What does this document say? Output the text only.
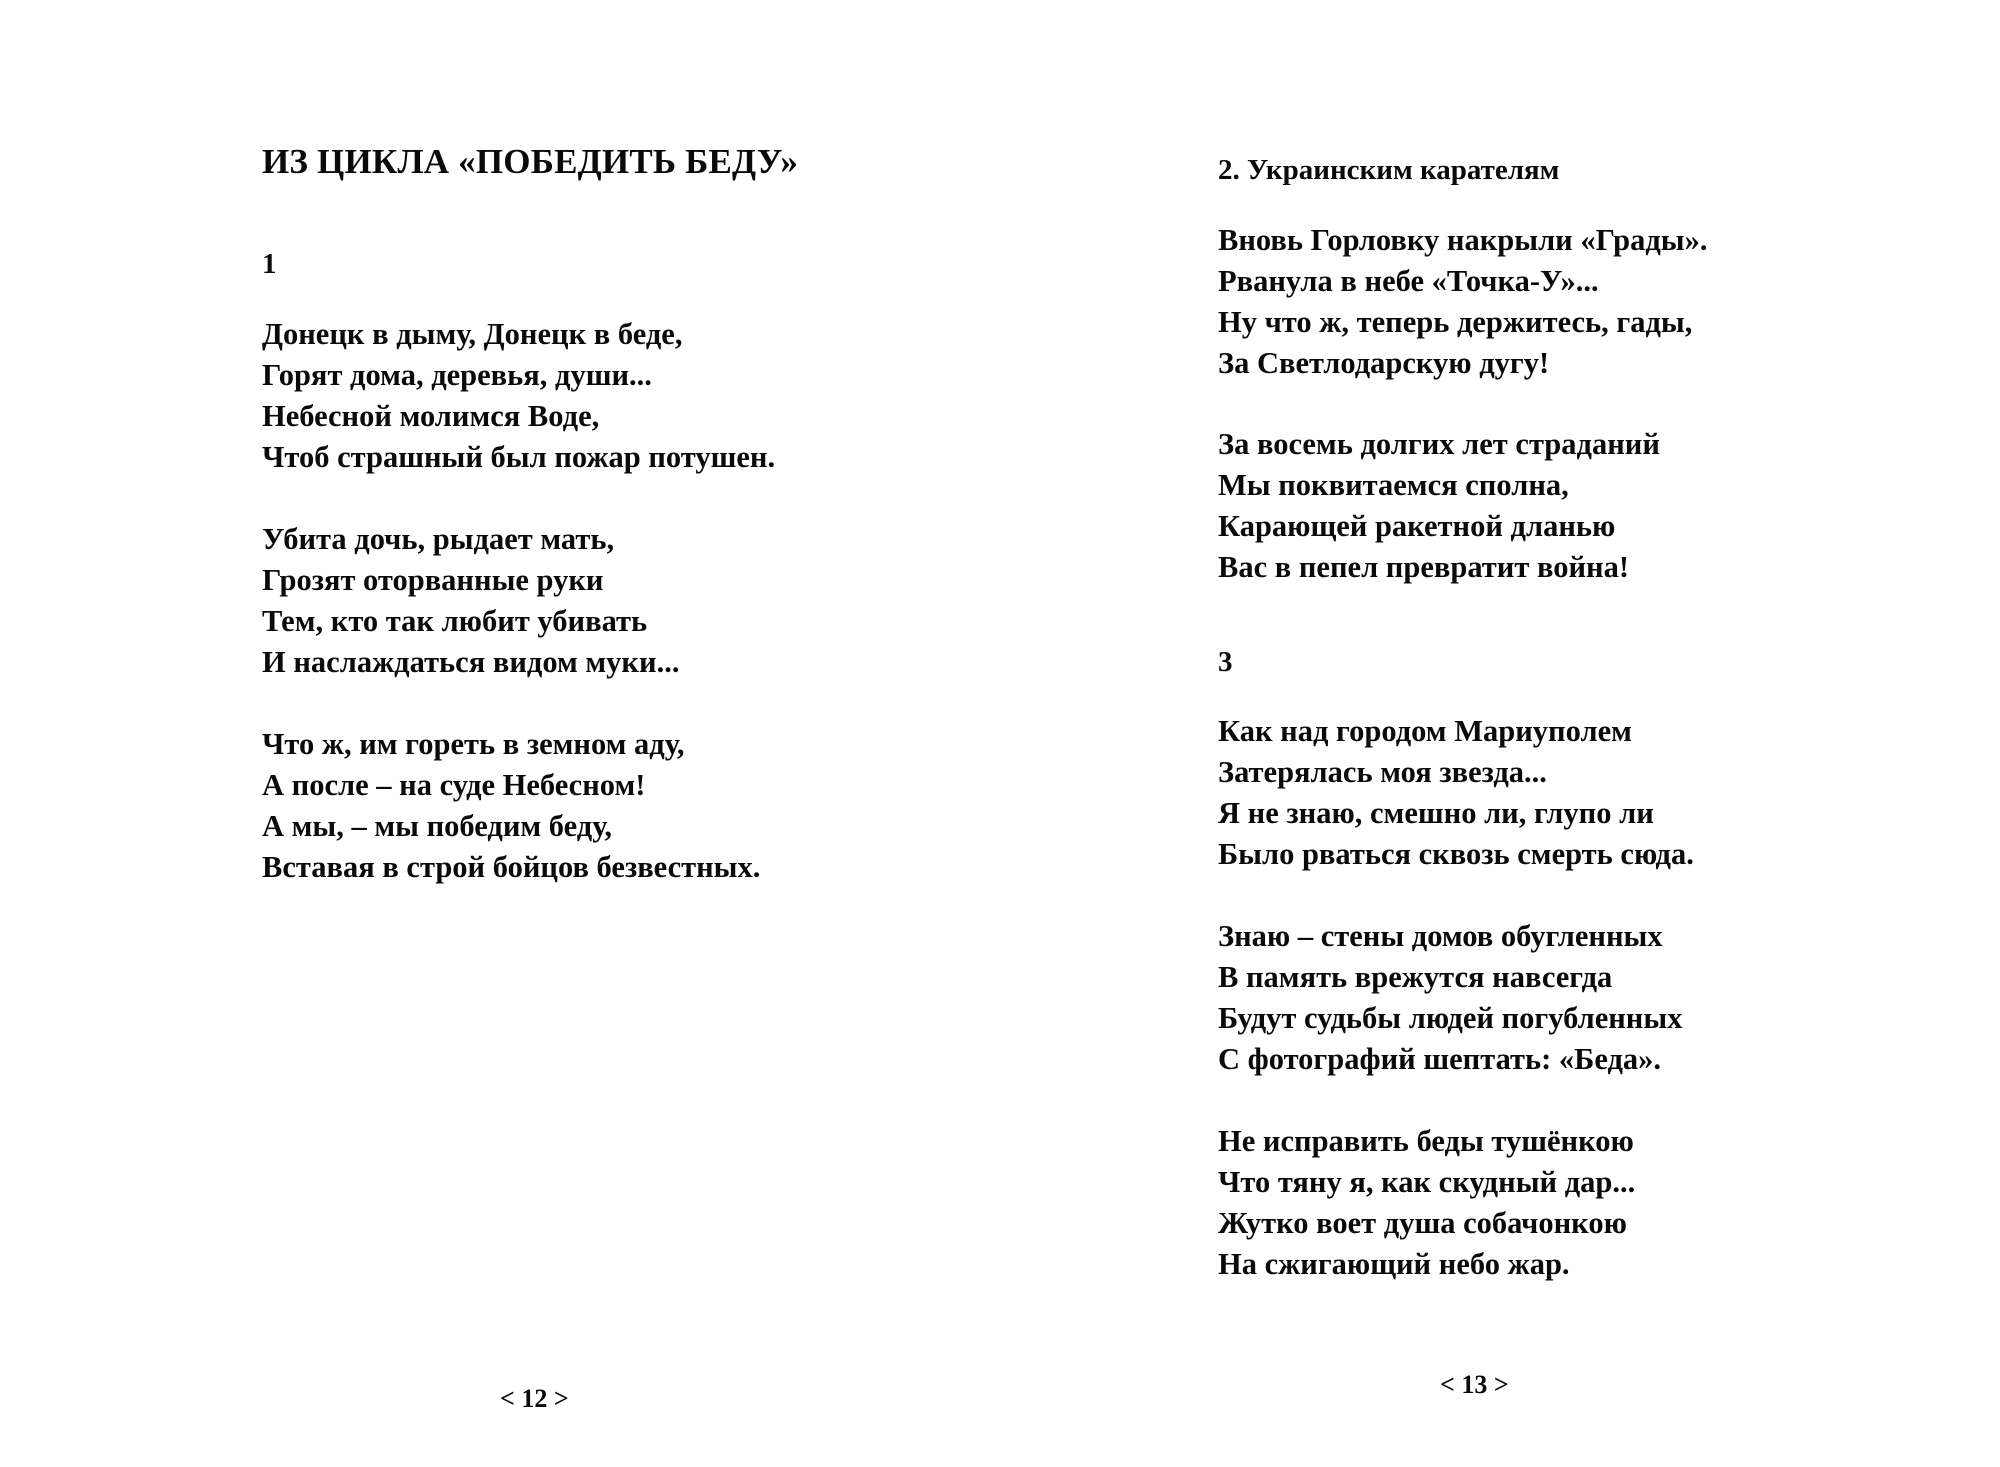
ИЗ ЦИКЛА «ПОБЕДИТЬ БЕДУ»
1
Донецк в дыму, Донецк в беде,
Горят дома, деревья, души...
Небесной молимся Воде,
Чтоб страшный был пожар потушен.
Убита дочь, рыдает мать,
Грозят оторванные руки
Тем, кто так любит убивать
И наслаждаться видом муки...
Что ж, им гореть в земном аду,
А после – на суде Небесном!
А мы, – мы победим беду,
Вставая в строй бойцов безвестных.
< 12 >
2. Украинским карателям
Вновь Горловку накрыли «Грады».
Рванула в небе «Точка-У»...
Ну что ж, теперь держитесь, гады,
За Светлодарскую дугу!
За восемь долгих лет страданий
Мы поквитаемся сполна,
Карающей ракетной дланью
Вас в пепел превратит война!
3
Как над городом Мариуполем
Затерялась моя звезда...
Я не знаю, смешно ли, глупо ли
Было рваться сквозь смерть сюда.
Знаю – стены домов обугленных
В память врежутся навсегда
Будут судьбы людей погубленных
С фотографий шептать: «Беда».
Не исправить беды тушёнкою
Что тяну я, как скудный дар...
Жутко воет душа собачонкою
На сжигающий небо жар.
< 13 >
